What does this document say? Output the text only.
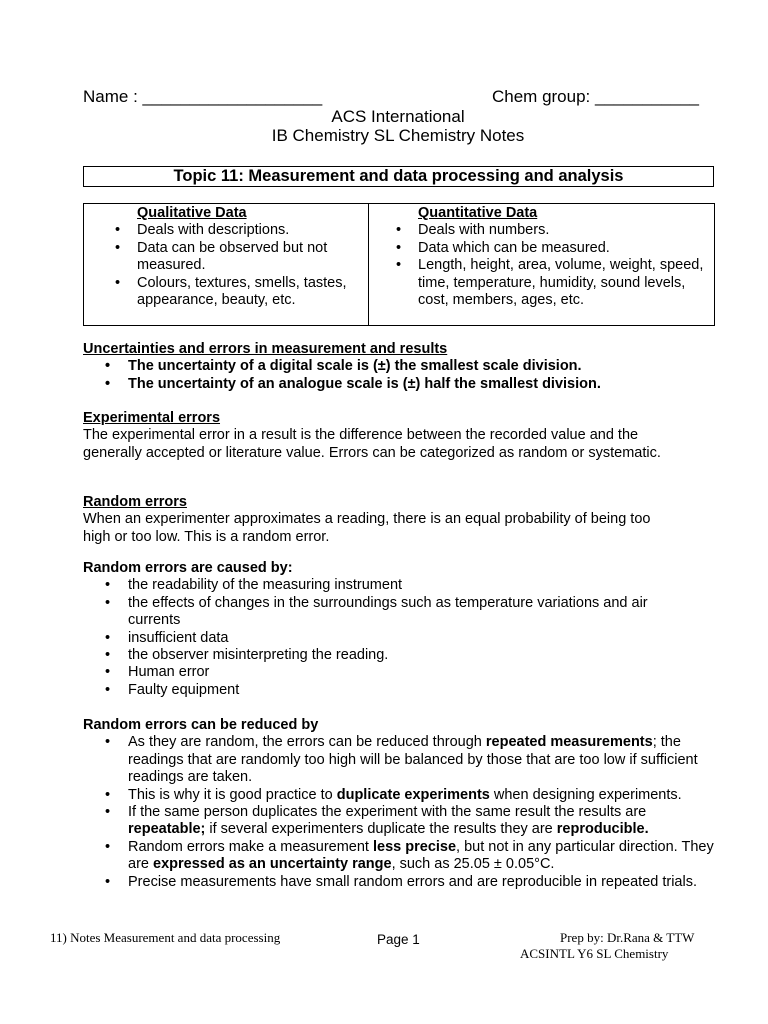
Name : ___________________	Chem group: ___________
ACS International
IB Chemistry SL Chemistry Notes
Topic 11: Measurement and data processing and analysis
Qualitative Data
• Deals with descriptions.
• Data can be observed but not measured.
• Colours, textures, smells, tastes, appearance, beauty, etc.
Quantitative Data
• Deals with numbers.
• Data which can be measured.
• Length, height, area, volume, weight, speed, time, temperature, humidity, sound levels, cost, members, ages, etc.
Uncertainties and errors in measurement and results
• The uncertainty of a digital scale is (±) the smallest scale division.
• The uncertainty of an analogue scale is (±) half the smallest division.
Experimental errors
The experimental error in a result is the difference between the recorded value and the generally accepted or literature value. Errors can be categorized as random or systematic.
Random errors
When an experimenter approximates a reading, there is an equal probability of being too high or too low. This is a random error.
Random errors are caused by:
• the readability of the measuring instrument
• the effects of changes in the surroundings such as temperature variations and air currents
• insufficient data
• the observer misinterpreting the reading.
• Human error
• Faulty equipment
Random errors can be reduced by
• As they are random, the errors can be reduced through repeated measurements; the readings that are randomly too high will be balanced by those that are too low if sufficient readings are taken.
• This is why it is good practice to duplicate experiments when designing experiments.
• If the same person duplicates the experiment with the same result the results are repeatable; if several experimenters duplicate the results they are reproducible.
• Random errors make a measurement less precise, but not in any particular direction. They are expressed as an uncertainty range, such as 25.05 ± 0.05°C.
• Precise measurements have small random errors and are reproducible in repeated trials.
11) Notes Measurement and data processing	Page 1	Prep by: Dr.Rana & TTW
ACSINTL Y6 SL Chemistry
